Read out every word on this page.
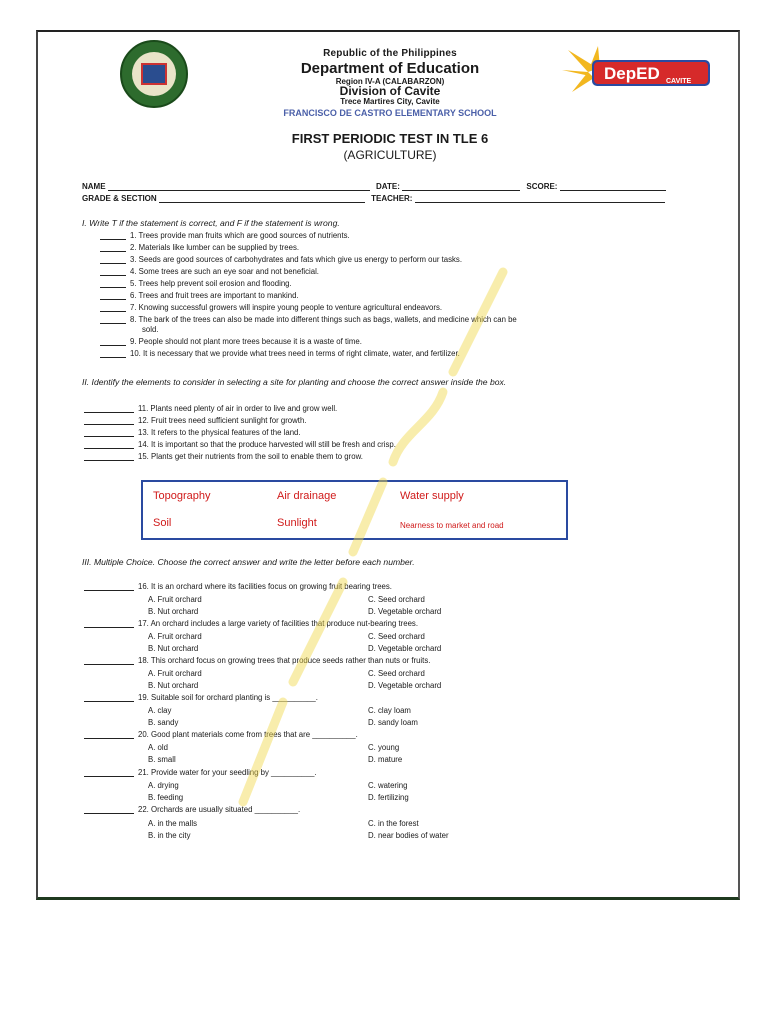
DepED CAVITE
Republic of the Philippines
Department of Education
Region IV-A (CALABARZON)
Division of Cavite
Trece Martires City, Cavite
FRANCISCO DE CASTRO ELEMENTARY SCHOOL
FIRST PERIODIC TEST IN TLE 6
(AGRICULTURE)
NAME	DATE:	SCORE:
GRADE & SECTION	TEACHER:
I. Write T if the statement is correct, and F if the statement is wrong.
1. Trees provide man fruits which are good sources of nutrients.
2. Materials like lumber can be supplied by trees.
3. Seeds are good sources of carbohydrates and fats which give us energy to perform our tasks.
4. Some trees are such an eye soar and not beneficial.
5. Trees help prevent soil erosion and flooding.
6. Trees and fruit trees are important to mankind.
7. Knowing successful growers will inspire young people to venture agricultural endeavors.
8. The bark of the trees can also be made into different things such as bags, wallets, and medicine which can be
sold.
9. People should not plant more trees because it is a waste of time.
10. It is necessary that we provide what trees need in terms of right climate, water, and fertilizer.
II. Identify the elements to consider in selecting a site for planting and choose the correct answer inside the box.
11. Plants need plenty of air in order to live and grow well.
12. Fruit trees need sufficient sunlight for growth.
13. It refers to the physical features of the land.
14. It is important so that the produce harvested will still be fresh and crisp.
15. Plants get their nutrients from the soil to enable them to grow.
Topography	Air drainage	Water supply
Soil	Sunlight	Nearness to market and road
III. Multiple Choice. Choose the correct answer and write the letter before each number.
16. It is an orchard where its facilities focus on growing fruit bearing trees.
A. Fruit orchard	C. Seed orchard
B. Nut orchard	D. Vegetable orchard
17. An orchard includes a large variety of facilities that produce nut-bearing trees.
A. Fruit orchard	C. Seed orchard
B. Nut orchard	D. Vegetable orchard
18. This orchard focus on growing trees that produce seeds rather than nuts or fruits.
A. Fruit orchard	C. Seed orchard
B. Nut orchard	D. Vegetable orchard
19. Suitable soil for orchard planting is __________.
A. clay	C. clay loam
B. sandy	D. sandy loam
20. Good plant materials come from trees that are __________.
A. old	C. young
B. small	D. mature
21. Provide water for your seedling by __________.
A. drying	C. watering
B. feeding	D. fertilizing
22. Orchards are usually situated __________.
A. in the malls	C. in the forest
B. in the city	D. near bodies of water
